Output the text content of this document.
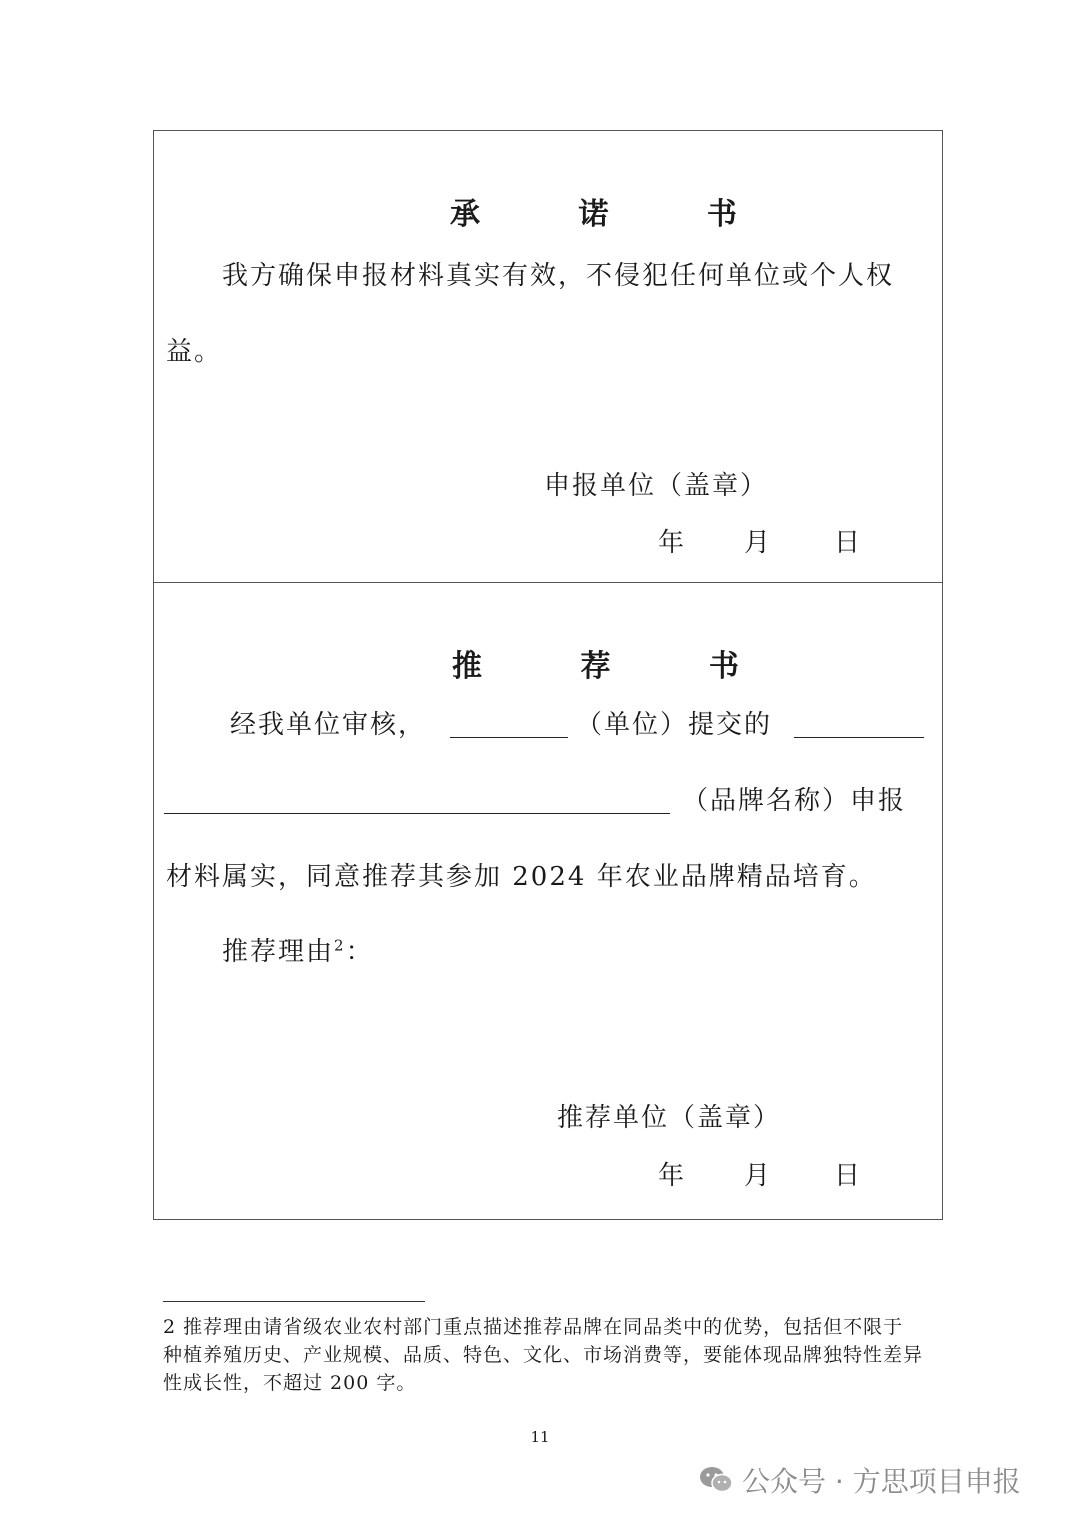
承 诺 书
我方确保申报材料真实有效，不侵犯任何单位或个人权
益。
申报单位（盖章）
年 月 日
推 荐 书
经我单位审核，	（单位）提交的
（品牌名称）申报
材料属实，同意推荐其参加 2024 年农业品牌精品培育。
推荐理由$^2$：
推荐单位（盖章）
年 月 日
2 推荐理由请省级农业农村部门重点描述推荐品牌在同品类中的优势，包括但不限于种植养殖历史、产业规模、品质、特色、文化、市场消费等，要能体现品牌独特性差异性成长性，不超过 200 字。
11
公众号 · 方思项目申报
